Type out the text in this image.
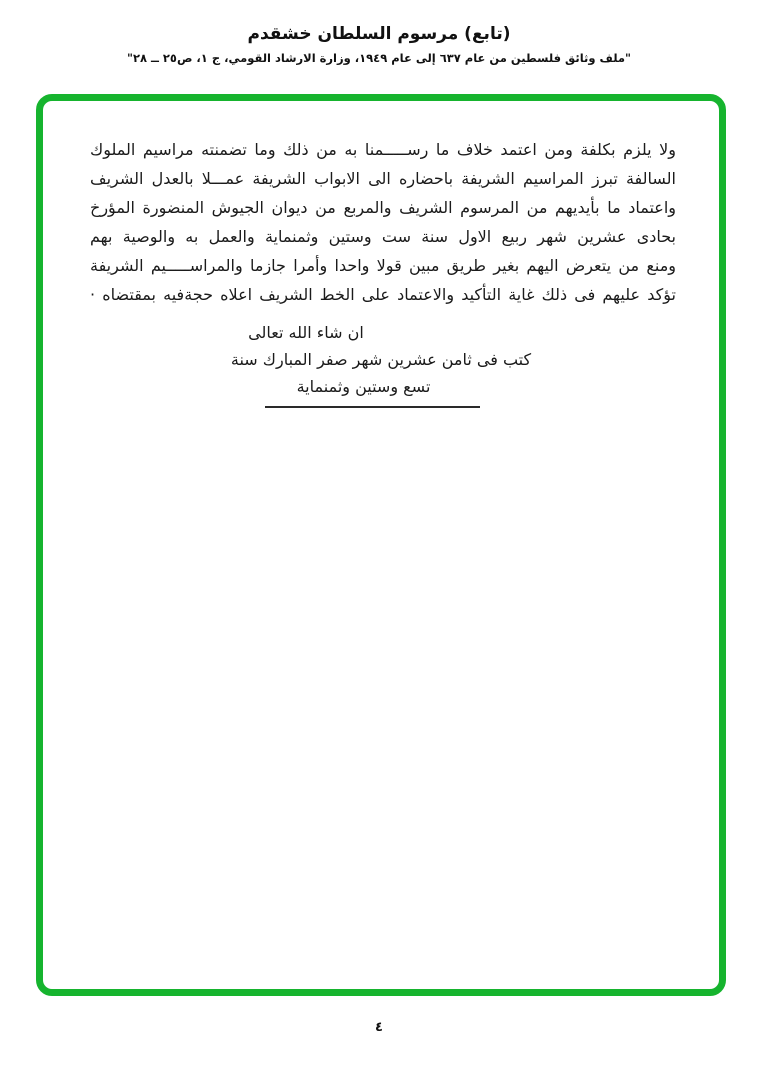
(تابع) مرسوم السلطان خشقدم
"ملف وثائق فلسطين من عام ٦٣٧ إلى عام ١٩٤٩، وزارة الارشاد القومي، ج ١، ص٢٥ ــ ٢٨"

ولا يلزم بكلفة ومن اعتمد خلاف ما رســـــمنا به من ذلك وما تضمنته مراسيم الملوك

السالفة تبرز المراسيم الشريفة باحضاره الى الابواب الشريفة عمـــلا بالعدل الشريف

واعتماد ما بأيديهم من المرسوم الشريف والمربع من ديوان الجيوش المنضورة المؤرخ

بحادى عشرين شهر ربيع الاول سنة ست وستين وثمنماية والعمل به والوصية بهم

ومنع من يتعرض اليهم بغير طريق مبين قولا واحدا وأمرا جازما والمراســـــيم الشريفة

تؤكد عليهم فى ذلك غاية التأكيد والاعتماد على الخط الشريف اعلاه حجةفيه بمقتضاه ·

ان شاء الله تعالى
كتب فى ثامن عشرين شهر صفر المبارك سنة
تسع وستين وثمنماية
٤
